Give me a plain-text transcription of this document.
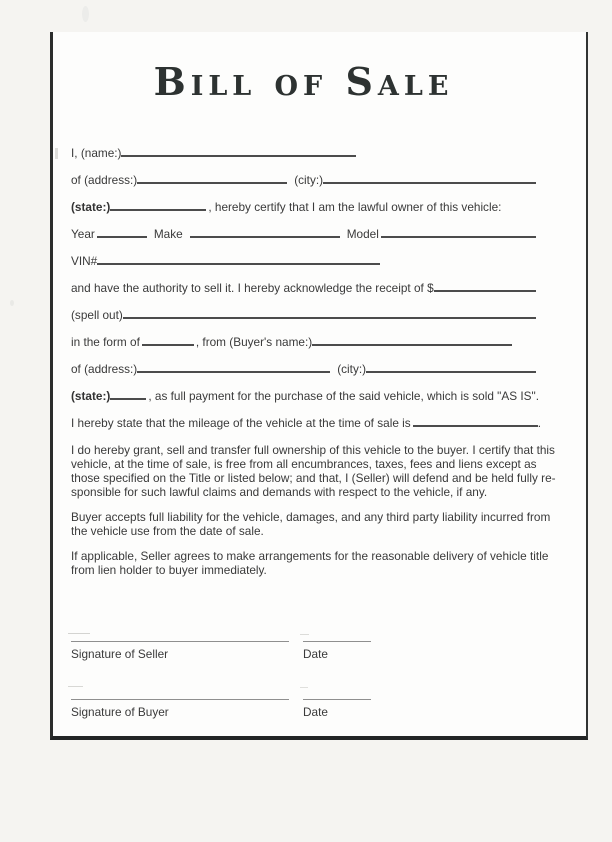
Bill of Sale
I, (name:)
of (address:)	(city:)
(state:)	, hereby certify that I am the lawful owner of this vehicle:
Year	Make	Model
VIN#
and have the authority to sell it. I hereby acknowledge the receipt of $
(spell out)
in the form of	, from (Buyer's name:)
of (address:)	(city:)
(state:)	, as full payment for the purchase of the said vehicle, which is sold "AS IS".
I hereby state that the mileage of the vehicle at the time of sale is	.
I do hereby grant, sell and transfer full ownership of this vehicle to the buyer. I certify that this
vehicle, at the time of sale, is free from all encumbrances, taxes, fees and liens except as
those specified on the Title or listed below; and that, I (Seller) will defend and be held fully re-
sponsible for such lawful claims and demands with respect to the vehicle, if any.
Buyer accepts full liability for the vehicle, damages, and any third party liability incurred from
the vehicle use from the date of sale.
If applicable, Seller agrees to make arrangements for the reasonable delivery of vehicle title
from lien holder to buyer immediately.
Signature of Seller	Date
Signature of Buyer	Date
